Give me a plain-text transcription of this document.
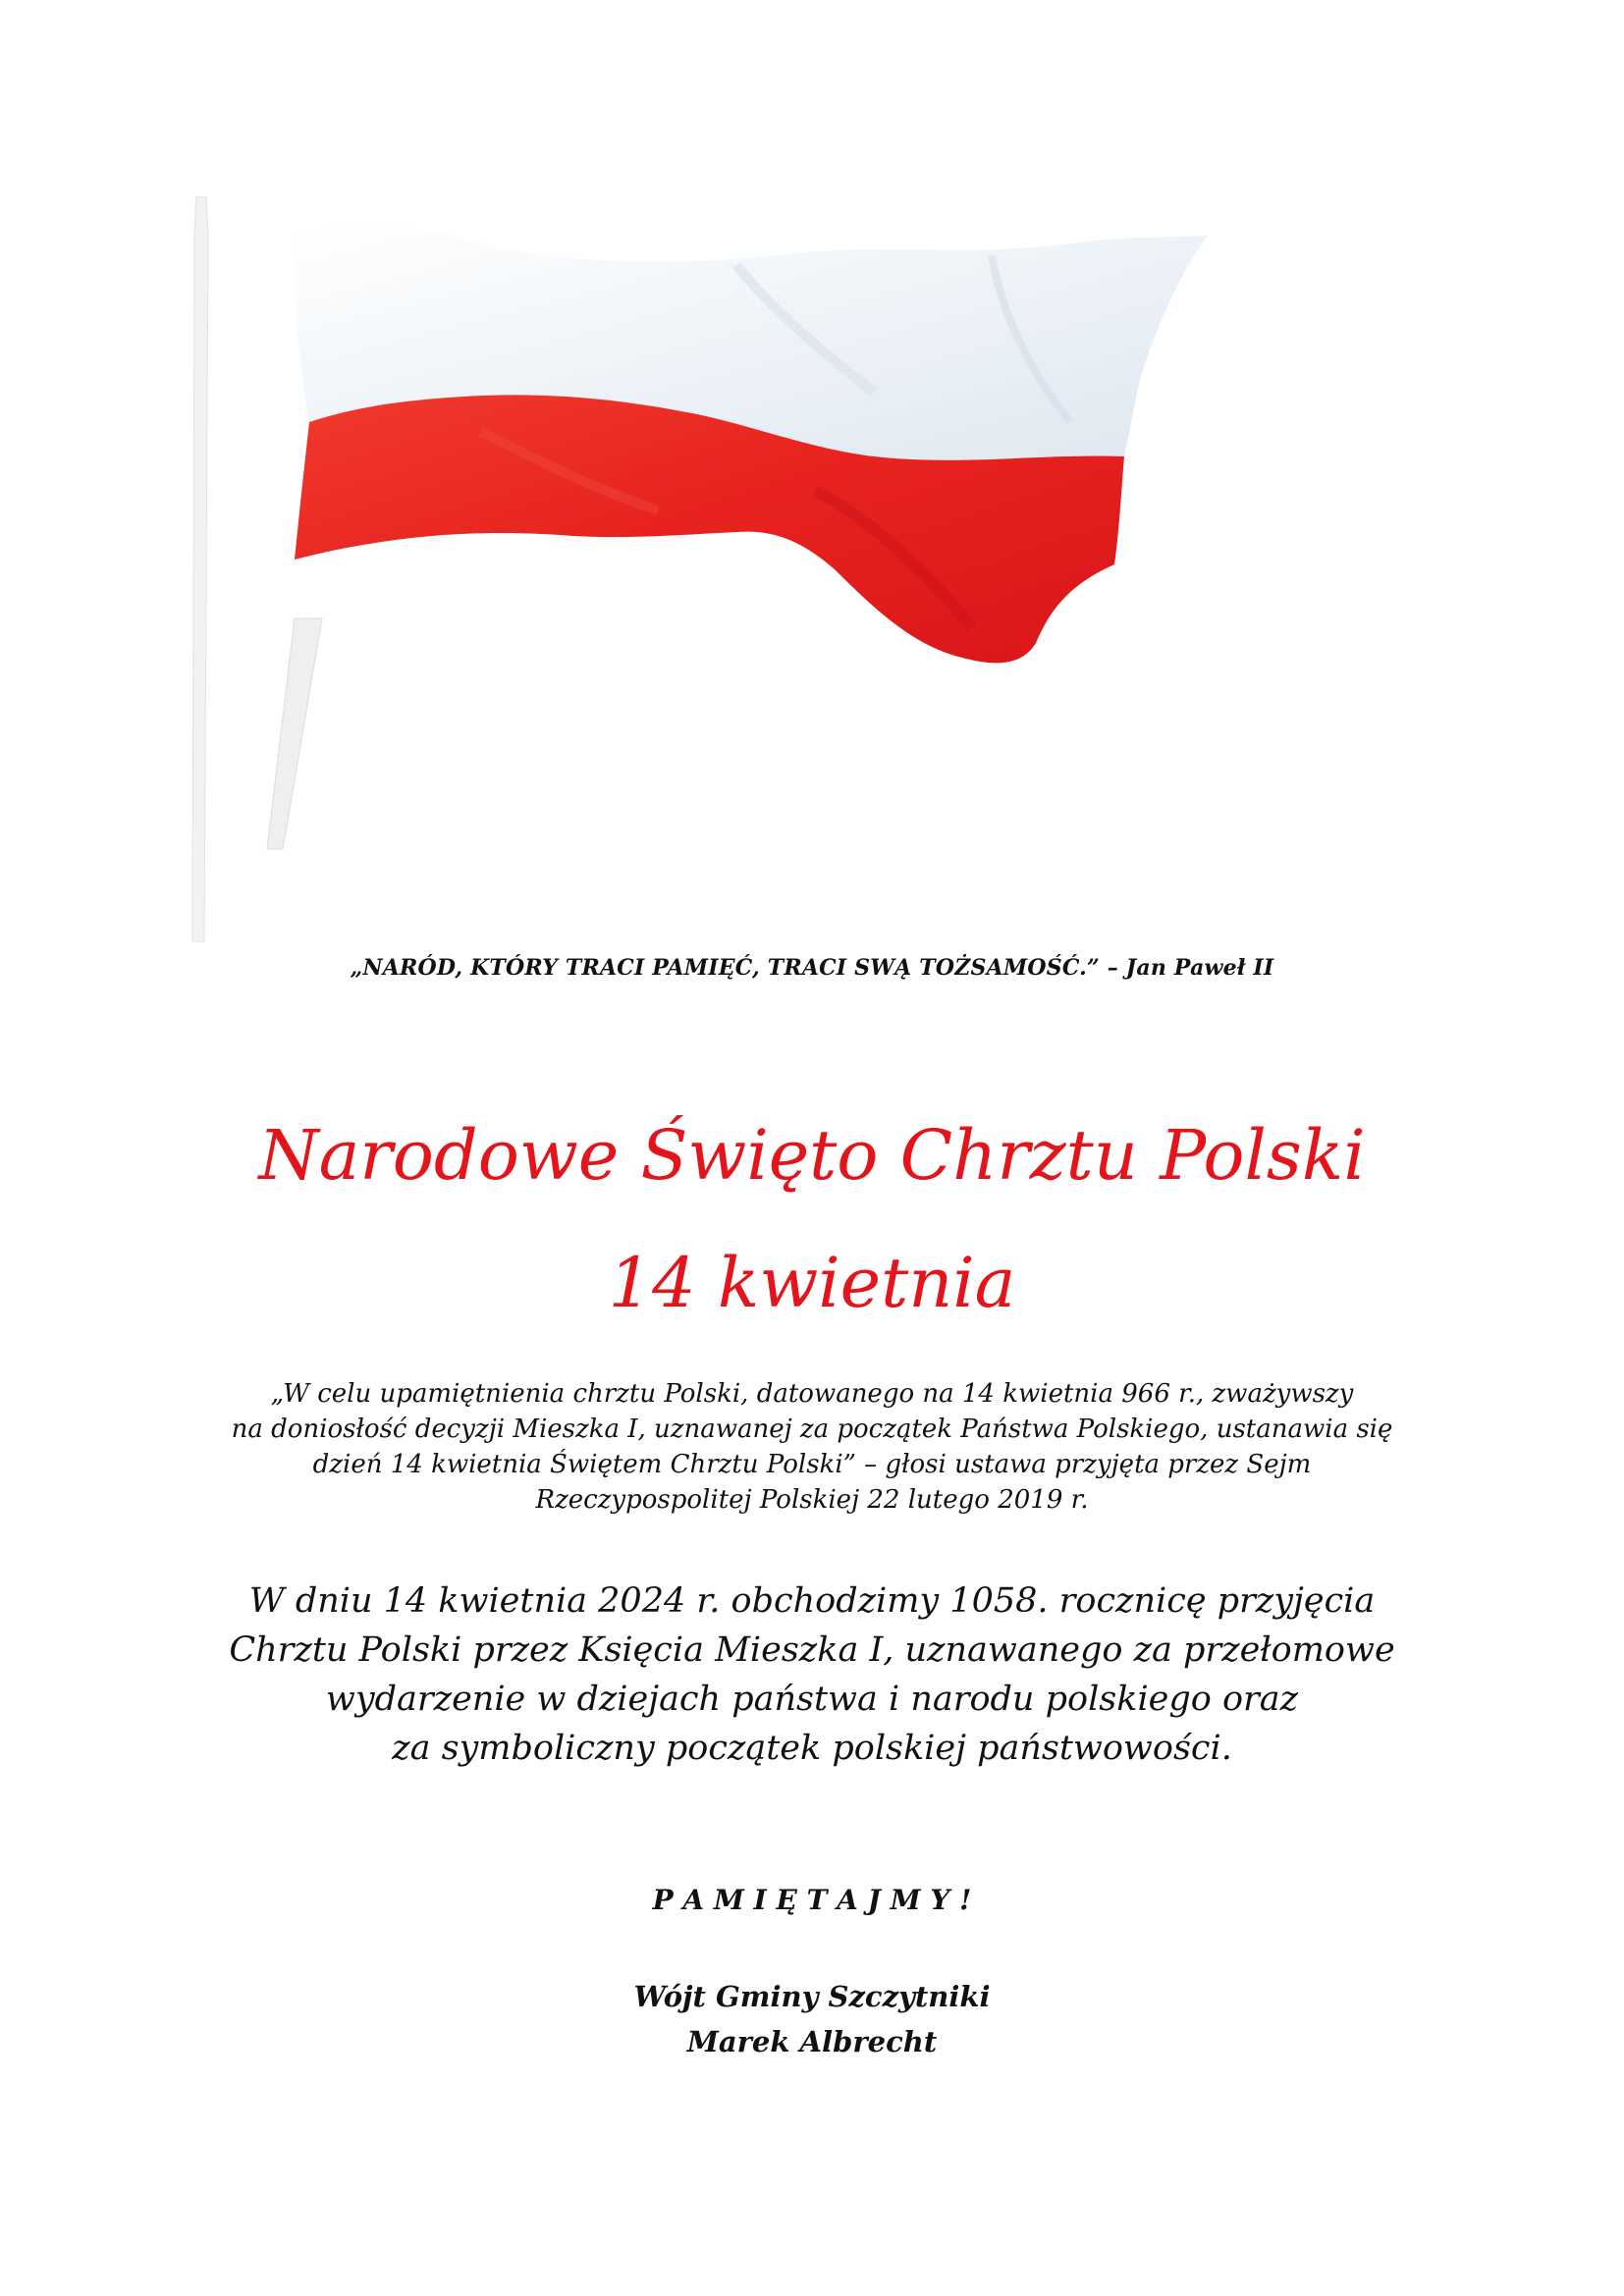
„NARÓD, KTÓRY TRACI PAMIĘĆ, TRACI SWĄ TOŻSAMOŚĆ.” – Jan Paweł II
Narodowe Święto Chrztu Polski
14 kwietnia
„W celu upamiętnienia chrztu Polski, datowanego na 14 kwietnia 966 r., zważywszy
na doniosłość decyzji Mieszka I, uznawanej za początek Państwa Polskiego, ustanawia się
dzień 14 kwietnia Świętem Chrztu Polski” – głosi ustawa przyjęta przez Sejm
Rzeczypospolitej Polskiej 22 lutego 2019 r.
W dniu 14 kwietnia 2024 r. obchodzimy 1058. rocznicę przyjęcia
Chrztu Polski przez Księcia Mieszka I, uznawanego za przełomowe
wydarzenie w dziejach państwa i narodu polskiego oraz
za symboliczny początek polskiej państwowości.
P A M I Ę T A J M Y !
Wójt Gminy Szczytniki
Marek Albrecht
